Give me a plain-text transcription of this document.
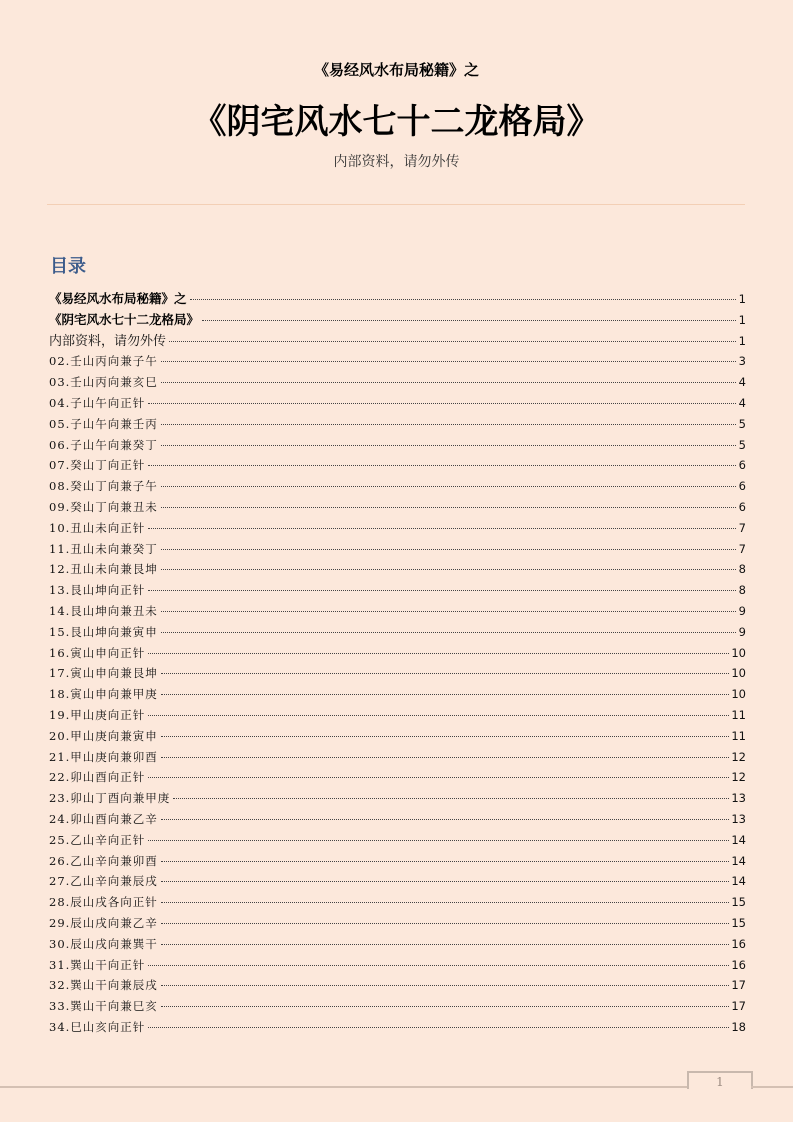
《易经风水布局秘籍》之
《阴宅风水七十二龙格局》
内部资料，请勿外传
目录
《易经风水布局秘籍》之	1
《阴宅风水七十二龙格局》	1
内部资料，请勿外传	1
02.壬山丙向兼子午	3
03.壬山丙向兼亥巳	4
04.子山午向正针	4
05.子山午向兼壬丙	5
06.子山午向兼癸丁	5
07.癸山丁向正针	6
08.癸山丁向兼子午	6
09.癸山丁向兼丑未	6
10.丑山未向正针	7
11.丑山未向兼癸丁	7
12.丑山未向兼艮坤	8
13.艮山坤向正针	8
14.艮山坤向兼丑未	9
15.艮山坤向兼寅申	9
16.寅山申向正针	10
17.寅山申向兼艮坤	10
18.寅山申向兼甲庚	10
19.甲山庚向正针	11
20.甲山庚向兼寅申	11
21.甲山庚向兼卯酉	12
22.卯山酉向正针	12
23.卯山丁酉向兼甲庚	13
24.卯山酉向兼乙辛	13
25.乙山辛向正针	14
26.乙山辛向兼卯酉	14
27.乙山辛向兼辰戌	14
28.辰山戌各向正针	15
29.辰山戌向兼乙辛	15
30.辰山戌向兼巽干	16
31.巽山干向正针	16
32.巽山干向兼辰戌	17
33.巽山干向兼巳亥	17
34.巳山亥向正针	18
1
